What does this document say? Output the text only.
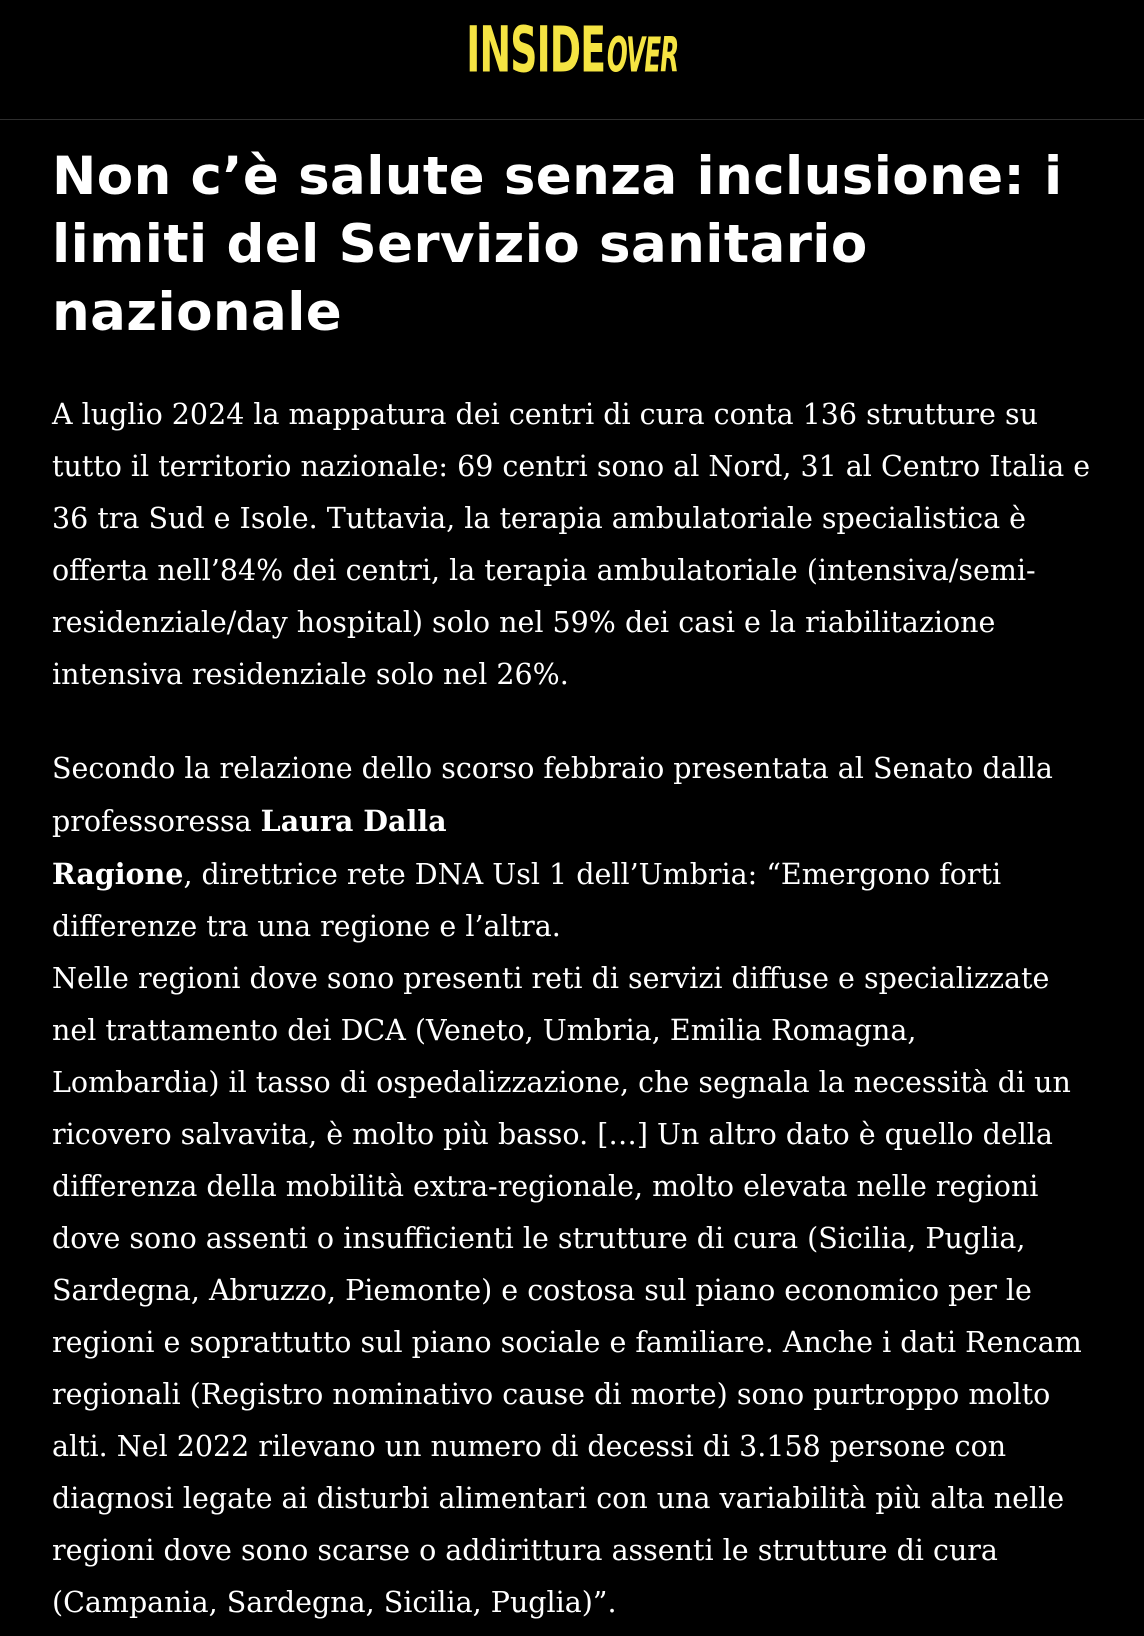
INSIDE OVER
Non c’è salute senza inclusione: i limiti del Servizio sanitario nazionale

A luglio 2024 la mappatura dei centri di cura conta 136 strutture su tutto il territorio nazionale: 69 centri sono al Nord, 31 al Centro Italia e 36 tra Sud e Isole. Tuttavia, la terapia ambulatoriale specialistica è offerta nell’84% dei centri, la terapia ambulatoriale (intensiva/semi-residenziale/day hospital) solo nel 59% dei casi e la riabilitazione intensiva residenziale solo nel 26%.

Secondo la relazione dello scorso febbraio presentata al Senato dalla professoressa Laura Dalla
Ragione, direttrice rete DNA Usl 1 dell’Umbria: “Emergono forti differenze tra una regione e l’altra.

Nelle regioni dove sono presenti reti di servizi diffuse e specializzate nel trattamento dei DCA (Veneto, Umbria, Emilia Romagna, Lombardia) il tasso di ospedalizzazione, che segnala la necessità di un ricovero salvavita, è molto più basso. […] Un altro dato è quello della differenza della mobilità extra-regionale, molto elevata nelle regioni dove sono assenti o insufficienti le strutture di cura (Sicilia, Puglia, Sardegna, Abruzzo, Piemonte) e costosa sul piano economico per le regioni e soprattutto sul piano sociale e familiare. Anche i dati Rencam regionali (Registro nominativo cause di morte) sono purtroppo molto alti. Nel 2022 rilevano un numero di decessi di 3.158 persone con diagnosi legate ai disturbi alimentari con una variabilità più alta nelle regioni dove sono scarse o addirittura assenti le strutture di cura (Campania, Sardegna, Sicilia, Puglia)”.
